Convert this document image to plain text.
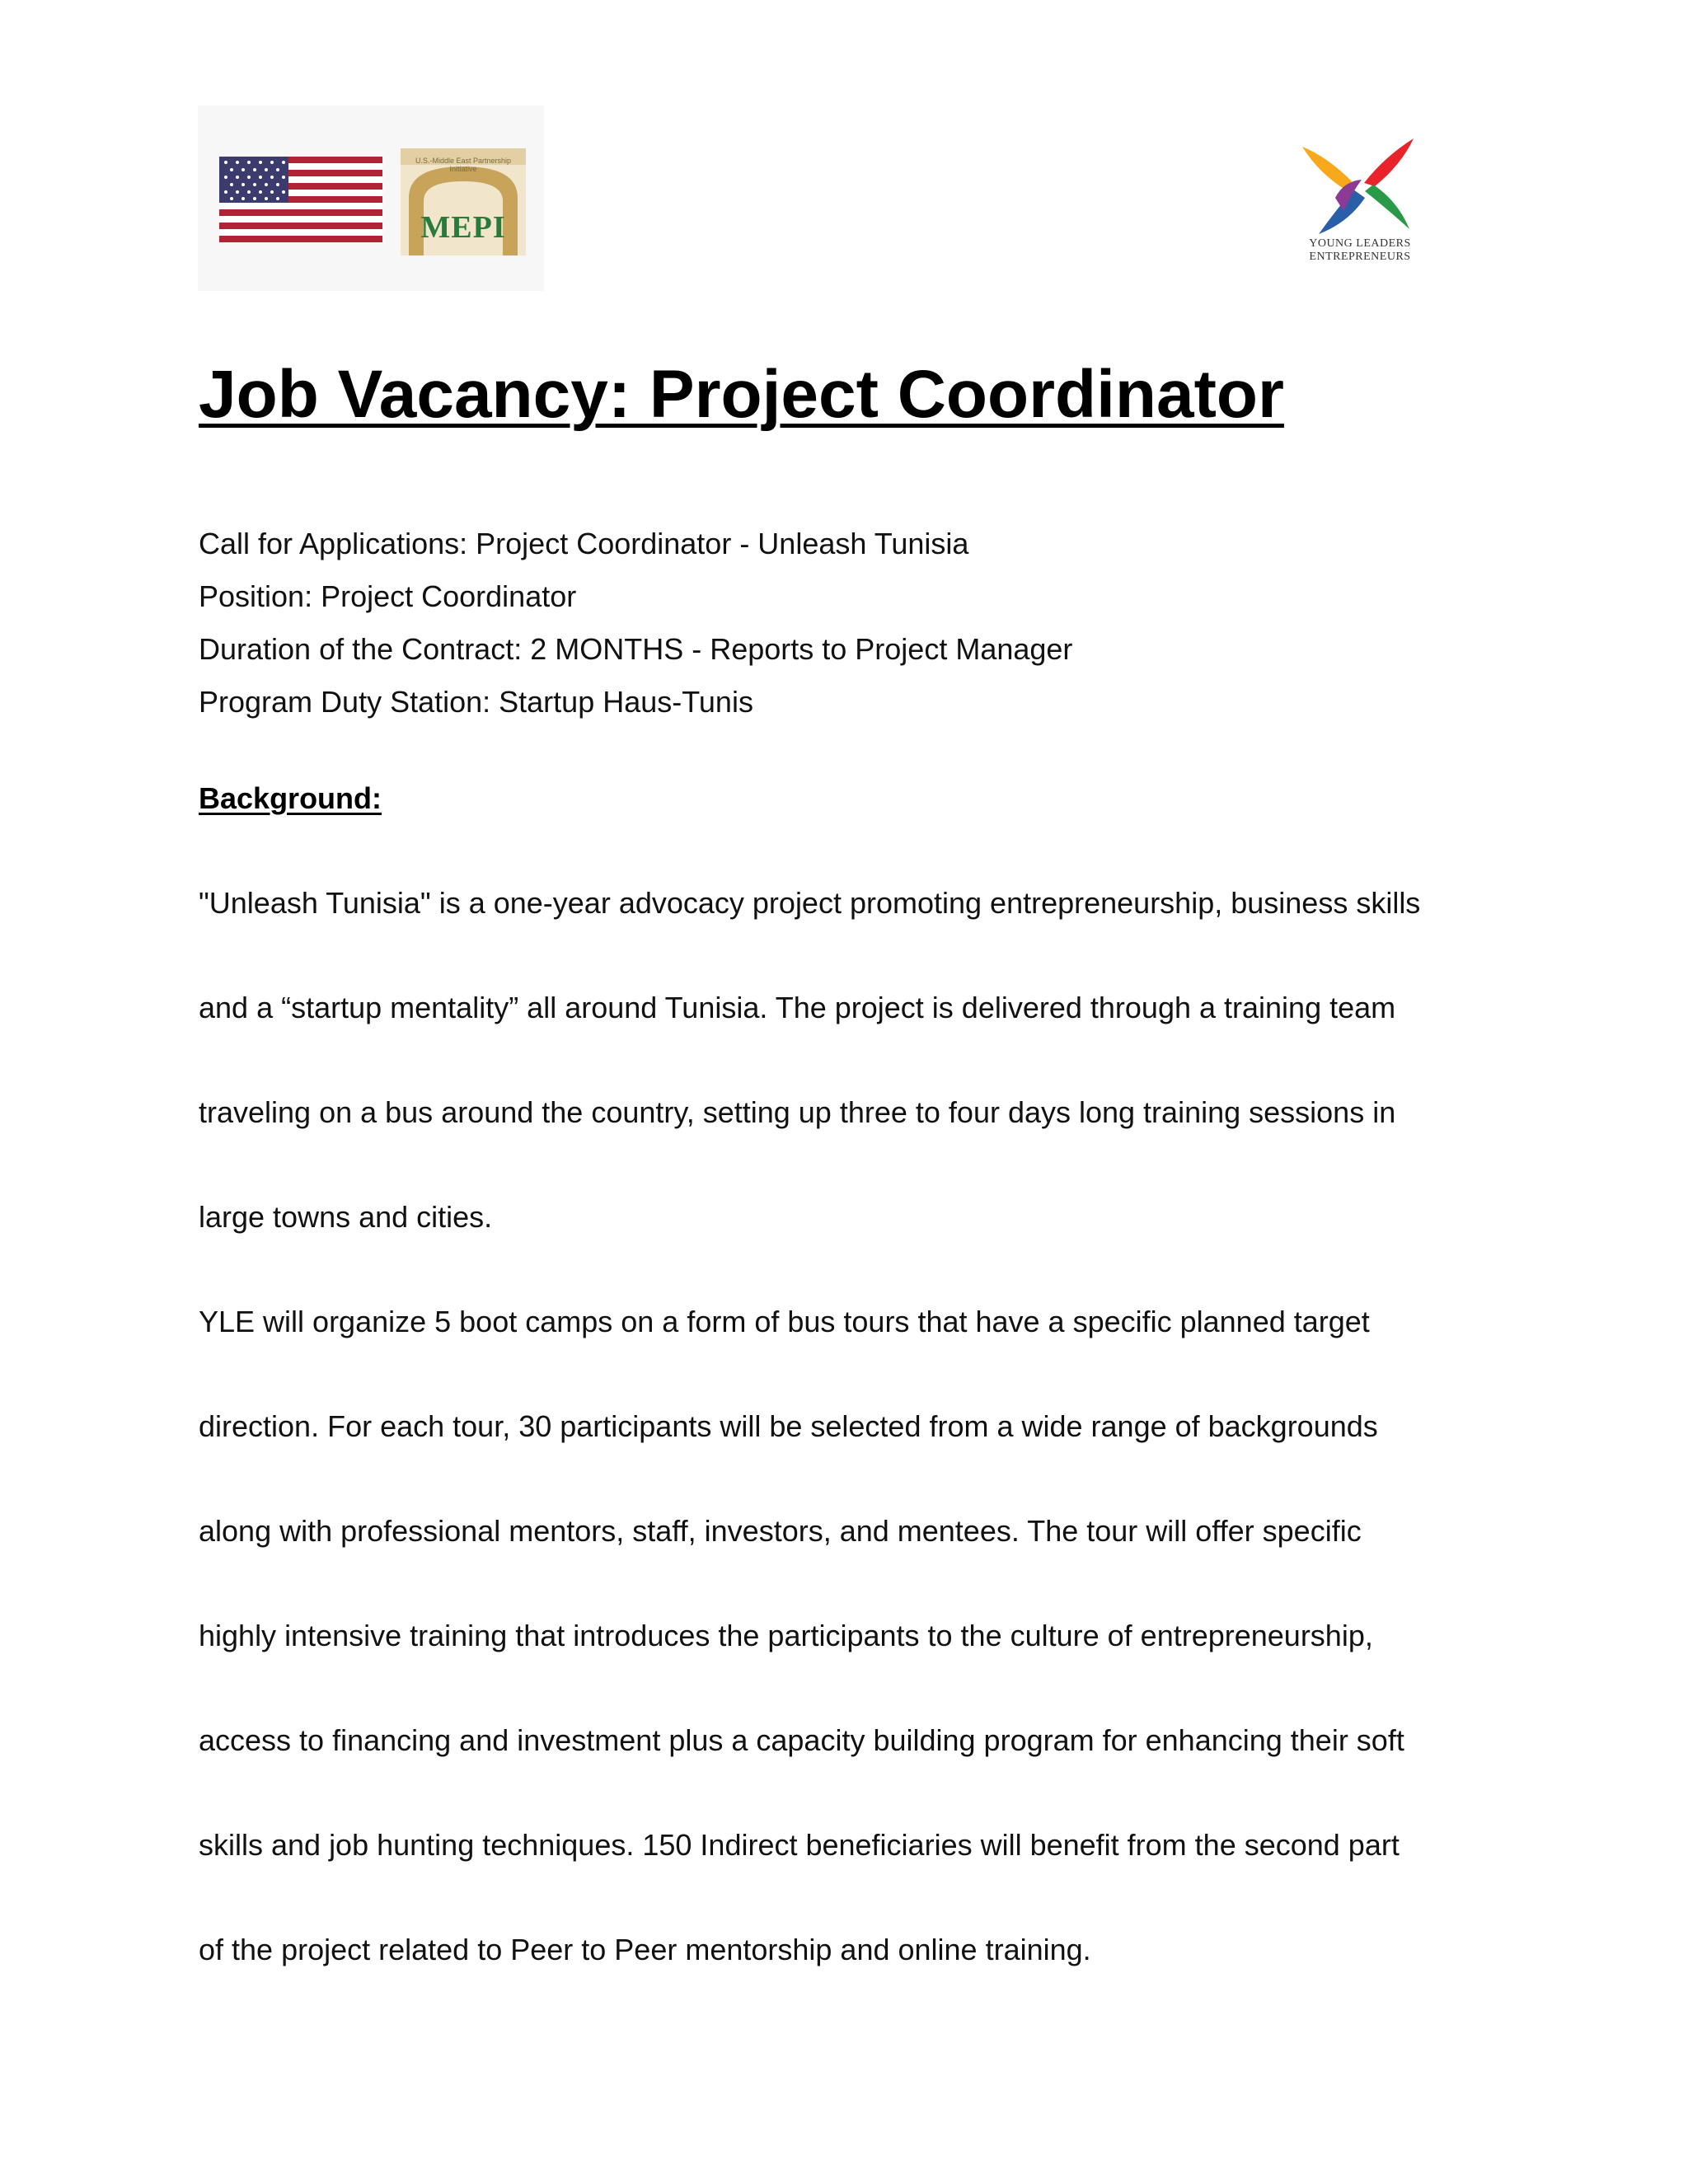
U.S.-Middle East Partnership Initiative
MEPI	YOUNG LEADERS
ENTREPRENEURS
Job Vacancy: Project Coordinator
Call for Applications: Project Coordinator - Unleash Tunisia
Position: Project Coordinator
Duration of the Contract: 2 MONTHS - Reports to Project Manager
Program Duty Station: Startup Haus-Tunis
Background:
"Unleash Tunisia" is a one-year advocacy project promoting entrepreneurship, business skills
and a “startup mentality” all around Tunisia. The project is delivered through a training team
traveling on a bus around the country, setting up three to four days long training sessions in
large towns and cities.
YLE will organize 5 boot camps on a form of bus tours that have a specific planned target
direction. For each tour, 30 participants will be selected from a wide range of backgrounds
along with professional mentors, staff, investors, and mentees. The tour will offer specific
highly intensive training that introduces the participants to the culture of entrepreneurship,
access to financing and investment plus a capacity building program for enhancing their soft
skills and job hunting techniques. 150 Indirect beneficiaries will benefit from the second part
of the project related to Peer to Peer mentorship and online training.
